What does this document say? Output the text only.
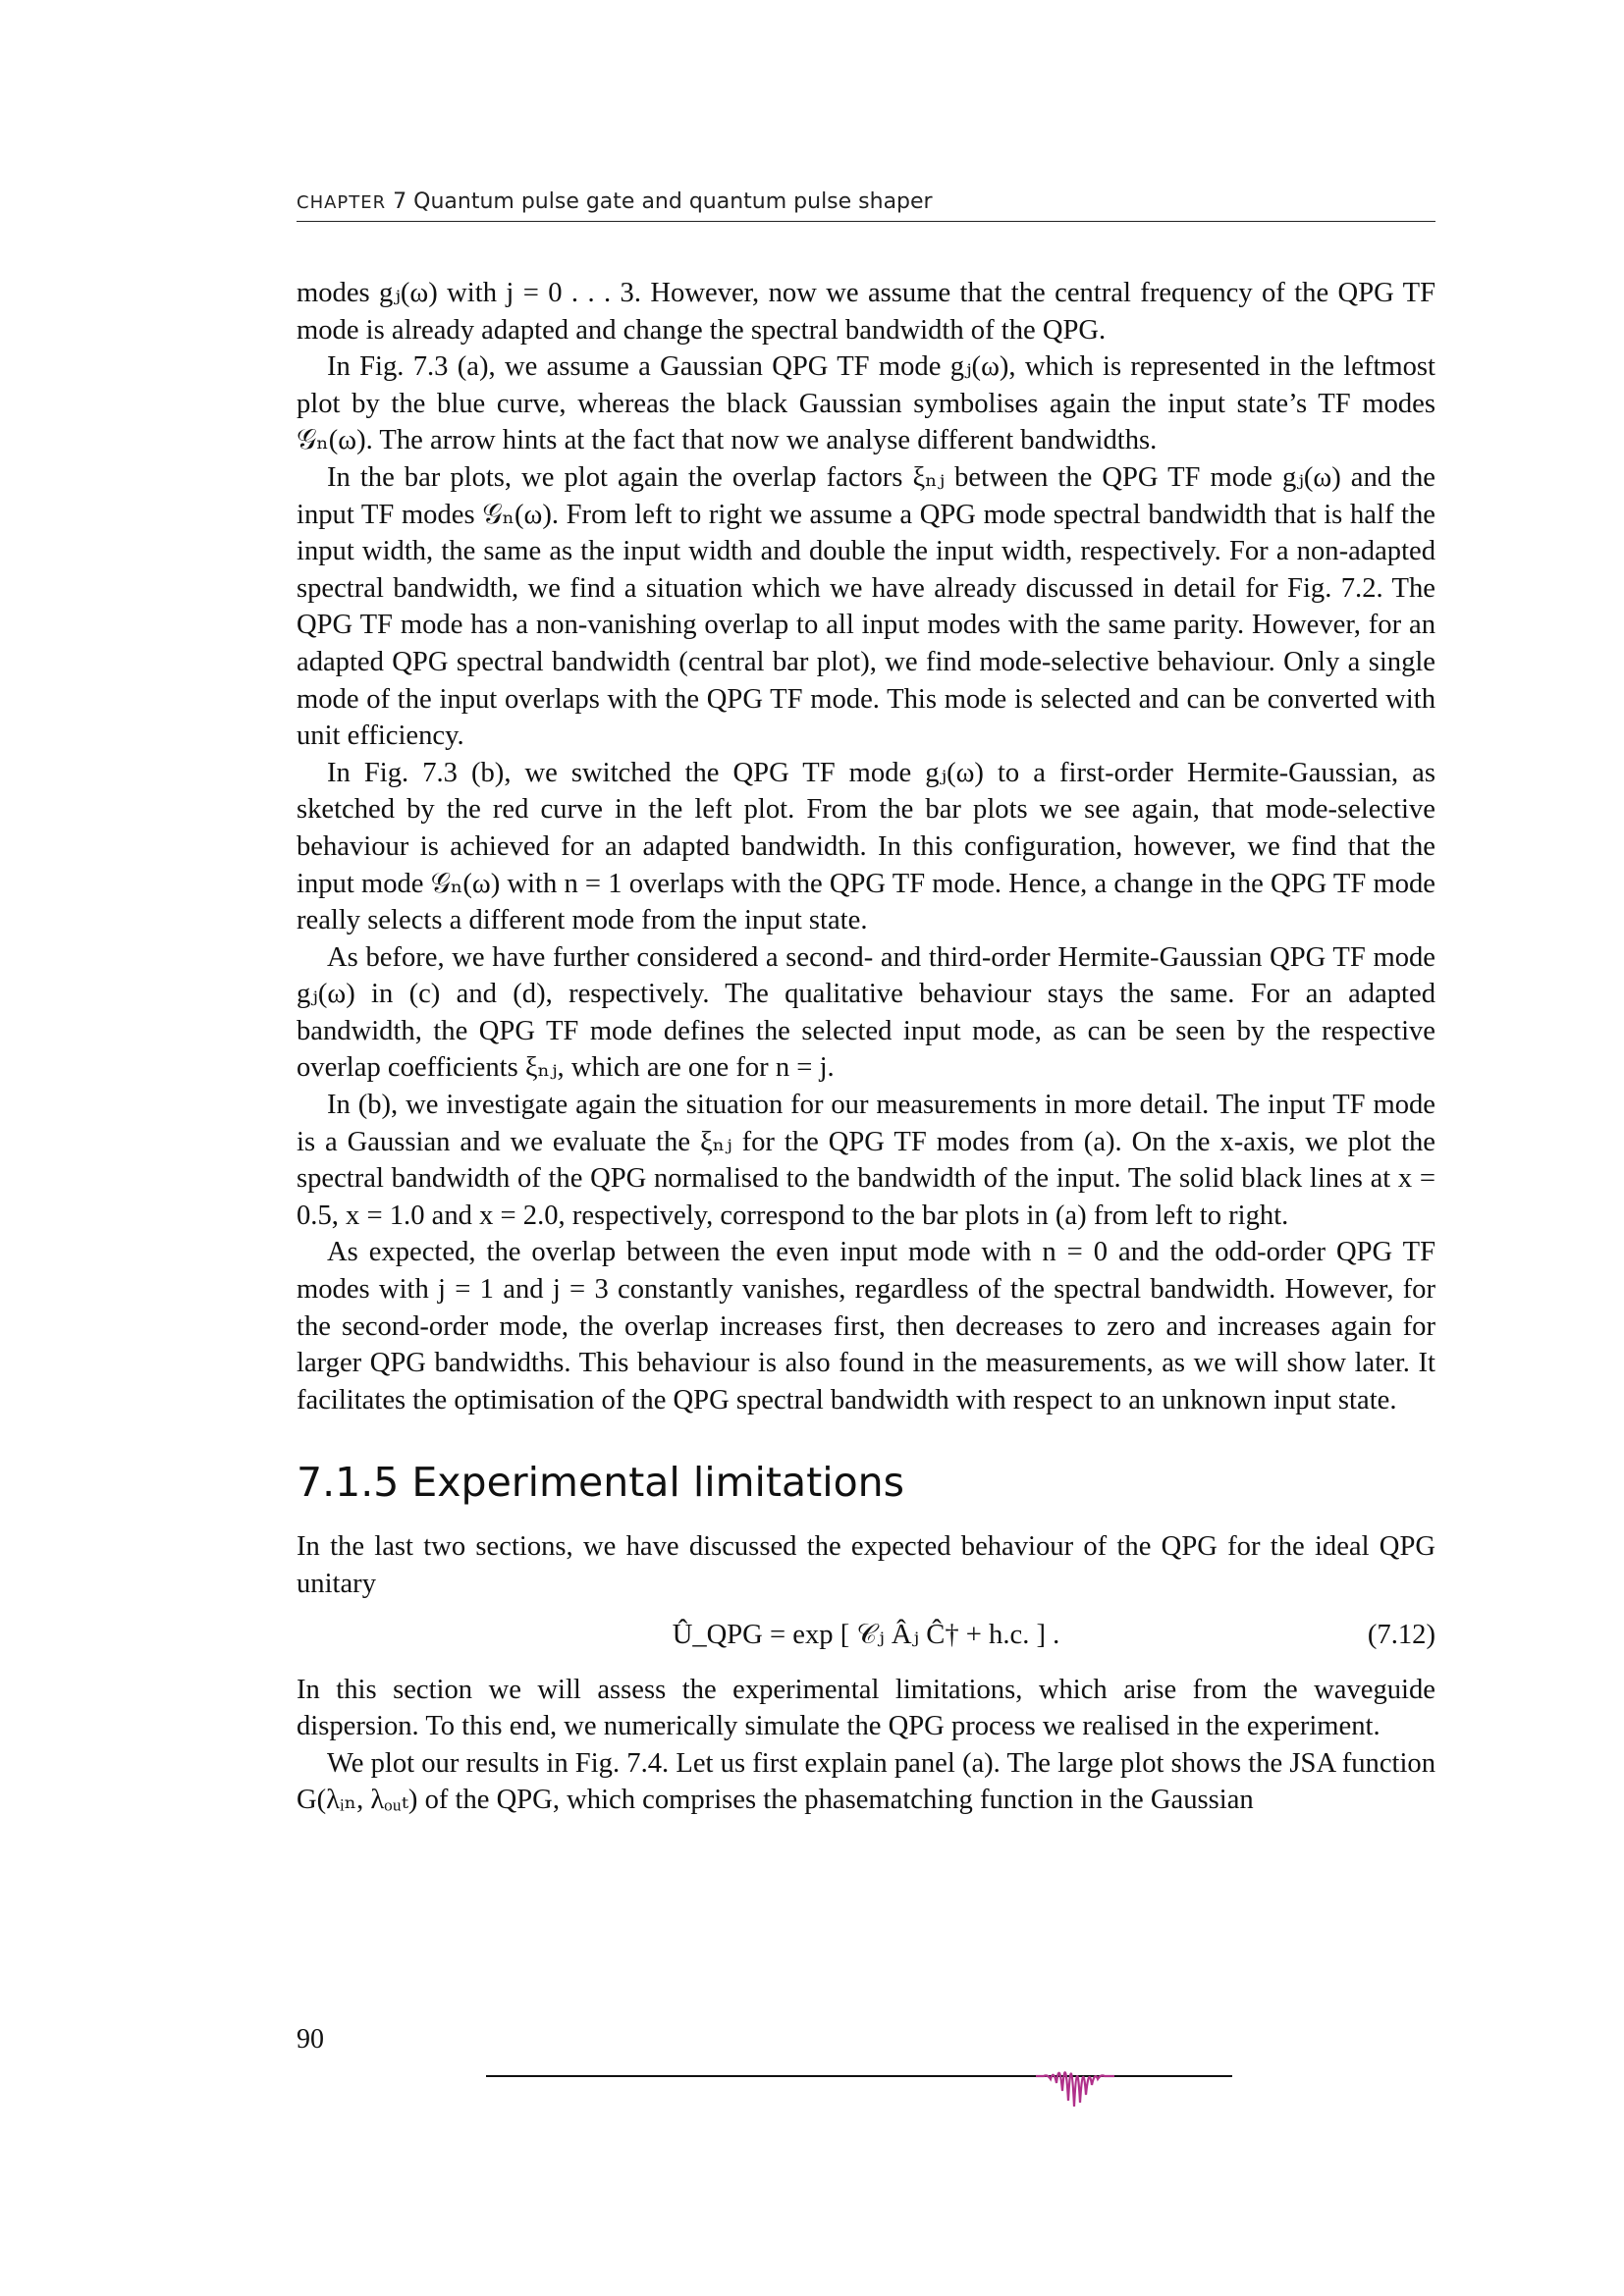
CHAPTER 7 Quantum pulse gate and quantum pulse shaper

modes gⱼ(ω) with j = 0 . . . 3. However, now we assume that the central frequency of the QPG TF mode is already adapted and change the spectral bandwidth of the QPG.

In Fig. 7.3 (a), we assume a Gaussian QPG TF mode gⱼ(ω), which is represented in the leftmost plot by the blue curve, whereas the black Gaussian symbolises again the input state’s TF modes 𝒢ₙ(ω). The arrow hints at the fact that now we analyse different bandwidths.

In the bar plots, we plot again the overlap factors ξₙⱼ between the QPG TF mode gⱼ(ω) and the input TF modes 𝒢ₙ(ω). From left to right we assume a QPG mode spectral bandwidth that is half the input width, the same as the input width and double the input width, respectively. For a non-adapted spectral bandwidth, we find a situation which we have already discussed in detail for Fig. 7.2. The QPG TF mode has a non-vanishing overlap to all input modes with the same parity. However, for an adapted QPG spectral bandwidth (central bar plot), we find mode-selective behaviour. Only a single mode of the input overlaps with the QPG TF mode. This mode is selected and can be converted with unit efficiency.

In Fig. 7.3 (b), we switched the QPG TF mode gⱼ(ω) to a first-order Hermite-Gaussian, as sketched by the red curve in the left plot. From the bar plots we see again, that mode-selective behaviour is achieved for an adapted bandwidth. In this configuration, however, we find that the input mode 𝒢ₙ(ω) with n = 1 overlaps with the QPG TF mode. Hence, a change in the QPG TF mode really selects a different mode from the input state.

As before, we have further considered a second- and third-order Hermite-Gaussian QPG TF mode gⱼ(ω) in (c) and (d), respectively. The qualitative behaviour stays the same. For an adapted bandwidth, the QPG TF mode defines the selected input mode, as can be seen by the respective overlap coefficients ξₙⱼ, which are one for n = j.

In (b), we investigate again the situation for our measurements in more detail. The input TF mode is a Gaussian and we evaluate the ξₙⱼ for the QPG TF modes from (a). On the x-axis, we plot the spectral bandwidth of the QPG normalised to the bandwidth of the input. The solid black lines at x = 0.5, x = 1.0 and x = 2.0, respectively, correspond to the bar plots in (a) from left to right.

As expected, the overlap between the even input mode with n = 0 and the odd-order QPG TF modes with j = 1 and j = 3 constantly vanishes, regardless of the spectral bandwidth. However, for the second-order mode, the overlap increases first, then decreases to zero and increases again for larger QPG bandwidths. This behaviour is also found in the measurements, as we will show later. It facilitates the optimisation of the QPG spectral bandwidth with respect to an unknown input state.

7.1.5 Experimental limitations

In the last two sections, we have discussed the expected behaviour of the QPG for the ideal QPG unitary

Û_QPG = exp [ 𝒞ⱼ Âⱼ Ĉ† + h.c. ] .	(7.12)

In this section we will assess the experimental limitations, which arise from the waveguide dispersion. To this end, we numerically simulate the QPG process we realised in the experiment.

We plot our results in Fig. 7.4. Let us first explain panel (a). The large plot shows the JSA function G(λᵢₙ, λₒᵤₜ) of the QPG, which comprises the phasematching function in the Gaussian

90
